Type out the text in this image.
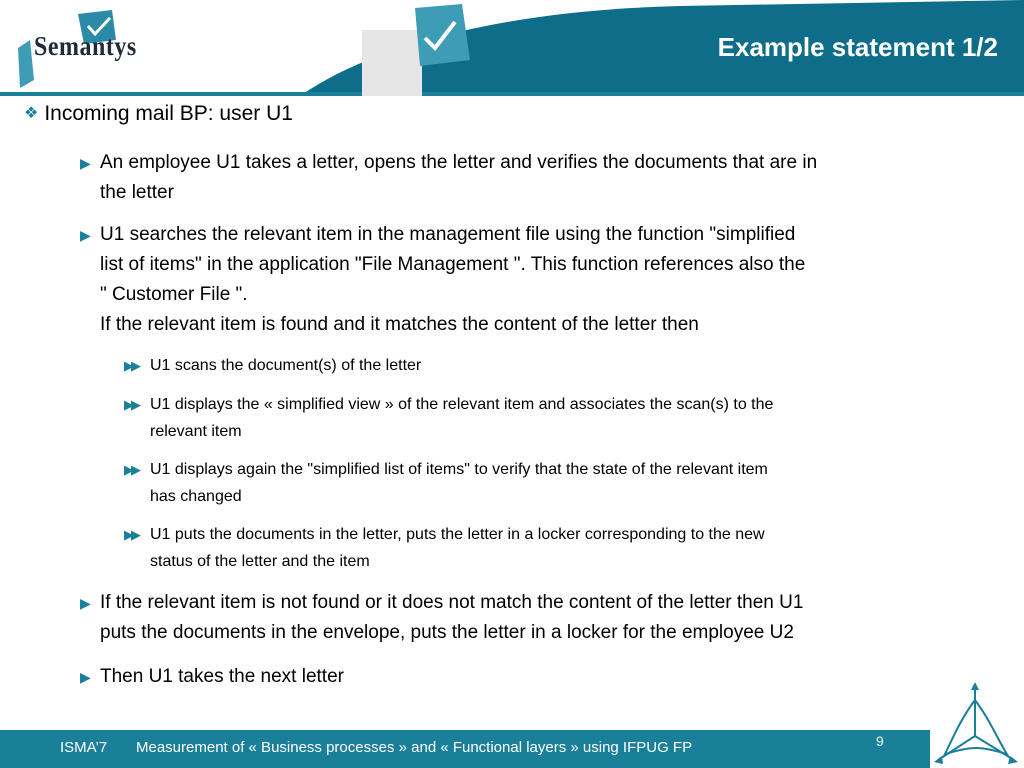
Semantys	Example statement 1/2
❖ Incoming mail BP: user U1
▶ An employee U1 takes a letter, opens the letter and verifies the documents that are in
the letter
▶ U1 searches the relevant item in the management file using the function "simplified
list of items" in the application "File Management ". This function references also the
" Customer File ".
If the relevant item is found and it matches the content of the letter then
▶▶ U1 scans the document(s) of the letter
▶▶ U1 displays the « simplified view » of the relevant item and associates the scan(s) to the
relevant item
▶▶ U1 displays again the "simplified list of items" to verify that the state of the relevant item
has changed
▶▶ U1 puts the documents in the letter, puts the letter in a locker corresponding to the new
status of the letter and the item
▶ If the relevant item is not found or it does not match the content of the letter then U1
puts the documents in the envelope, puts the letter in a locker for the employee U2
▶ Then U1 takes the next letter
ISMA’7 Measurement of « Business processes » and « Functional layers » using IFPUG FP	9
